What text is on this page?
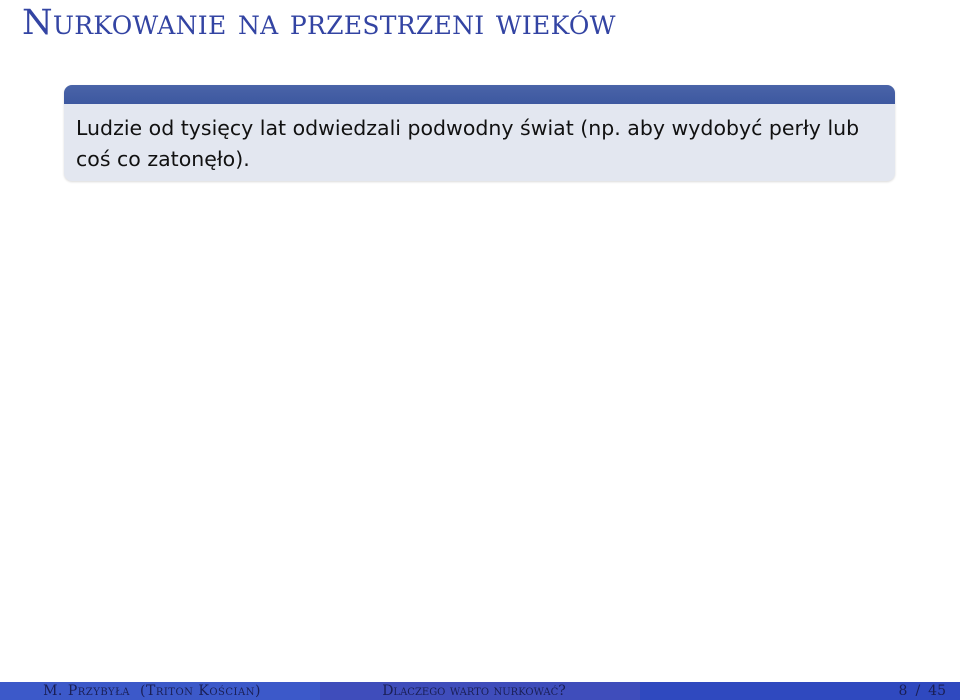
Nurkowanie na przestrzeni wieków
Ludzie od tysięcy lat odwiedzali podwodny świat (np. aby wydobyć perły lub coś co zatonęło).
M. Przybyła (Triton Kościan)	Dlaczego warto nurkować?	8 / 45
